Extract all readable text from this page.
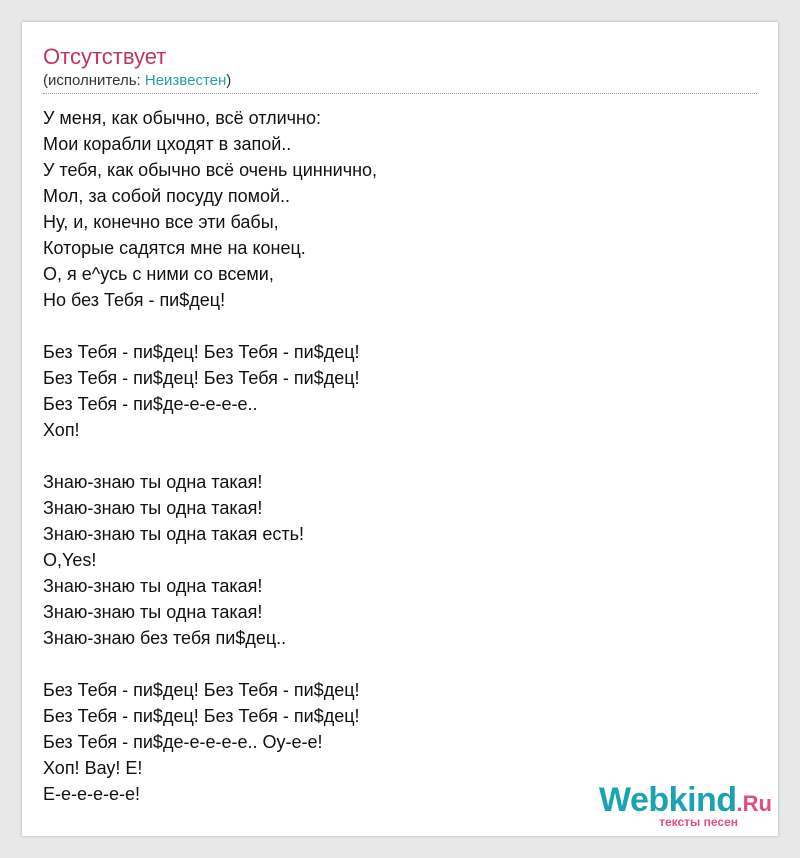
Отсутствует
(исполнитель: Неизвестен)
У меня, как обычно, всё отлично:
Мои корабли цходят в запой..
У тебя, как обычно всё очень циннично,
Мол, за собой посуду помой..
Ну, и, конечно все эти бабы,
Которые садятся мне на конец.
О, я е^усь с ними со всеми,
Но без Тебя - пи$дец!
Без Тебя - пи$дец! Без Тебя - пи$дец!
Без Тебя - пи$дец! Без Тебя - пи$дец!
Без Тебя - пи$де-е-е-е-е..
Хоп!
Знаю-знаю ты одна такая!
Знаю-знаю ты одна такая!
Знаю-знаю ты одна такая есть!
О,Yes!
Знаю-знаю ты одна такая!
Знаю-знаю ты одна такая!
Знаю-знаю без тебя пи$дец..
Без Тебя - пи$дец! Без Тебя - пи$дец!
Без Тебя - пи$дец! Без Тебя - пи$дец!
Без Тебя - пи$де-е-е-е-е.. Оу-е-е!
Хоп! Вау! Е!
Е-е-е-е-е-е!	Webkind.Ru
тексты песен
